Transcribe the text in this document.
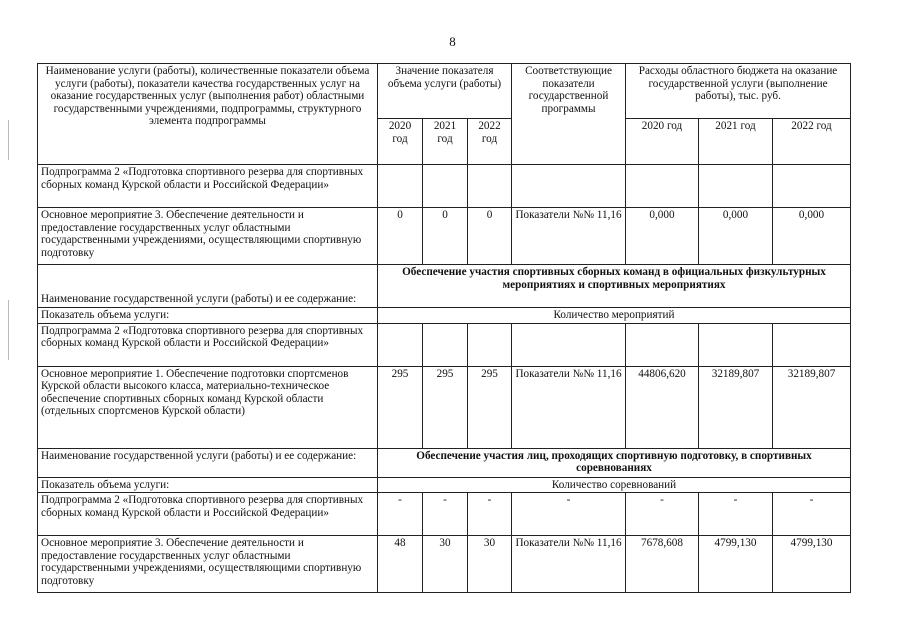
8
Наименование услуги (работы), количественные показатели объема услуги (работы), показатели качества государственных услуг на оказание государственных услуг (выполнения работ) областными государственными учреждениями, подпрограммы, структурного элемента подпрограммы	Значение показателя объема услуги (работы)			Соответствующие показатели государственной программы	Расходы областного бюджета на оказание государственной услуги (выполнение работы), тыс. руб.		
	2020 год	2021 год	2022 год		2020 год	2021 год	2022 год
Подпрограмма 2 «Подготовка спортивного резерва для спортивных сборных команд Курской области и Российской Федерации»							
Основное мероприятие 3. Обеспечение деятельности и предоставление государственных услуг областными государственными учреждениями, осуществляющими спортивную подготовку	0	0	0	Показатели №№ 11,16	0,000	0,000	0,000
Наименование государственной услуги (работы) и ее содержание:	Обеспечение участия спортивных сборных команд в официальных физкультурных мероприятиях и спортивных мероприятиях						
Показатель объема услуги:	Количество мероприятий						
Подпрограмма 2 «Подготовка спортивного резерва для спортивных сборных команд Курской области и Российской Федерации»							
Основное мероприятие 1. Обеспечение подготовки спортсменов Курской области высокого класса, материально-техническое обеспечение спортивных сборных команд Курской области (отдельных спортсменов Курской области)	295	295	295	Показатели №№ 11,16	44806,620	32189,807	32189,807
Наименование государственной услуги (работы) и ее содержание:	Обеспечение участия лиц, проходящих спортивную подготовку, в спортивных соревнованиях						
Показатель объема услуги:	Количество соревнований						
Подпрограмма 2 «Подготовка спортивного резерва для спортивных сборных команд Курской области и Российской Федерации»	-	-	-	-	-	-	-
Основное мероприятие 3. Обеспечение деятельности и предоставление государственных услуг областными государственными учреждениями, осуществляющими спортивную подготовку	48	30	30	Показатели №№ 11,16	7678,608	4799,130	4799,130
